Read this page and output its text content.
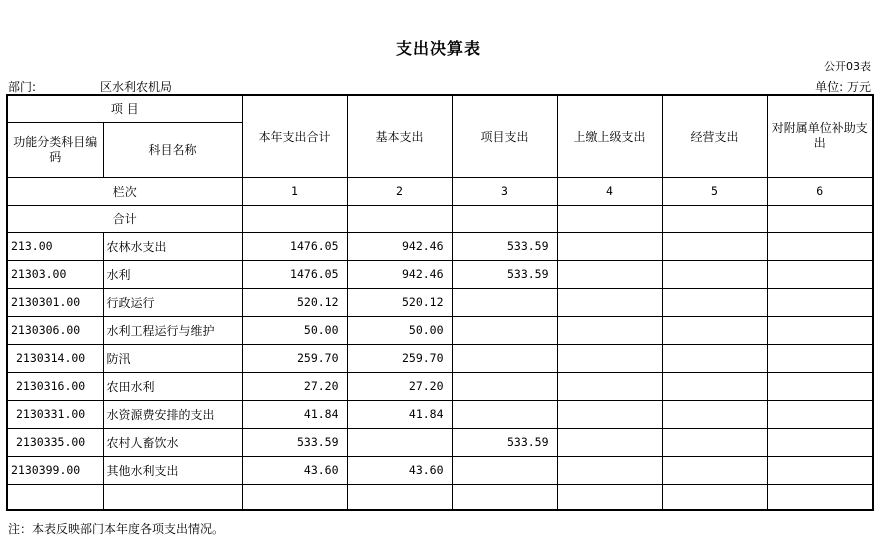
支出决算表
公开03表
部门:	区水利农机局	单位: 万元
项 目		本年支出合计	基本支出	项目支出	上缴上级支出	经营支出	对附属单位补助支出
功能分类科目编码	科目名称						
栏次		1	2	3	4	5	6
合计							
213.00	农林水支出	1476.05	942.46	533.59			
21303.00	水利	1476.05	942.46	533.59			
2130301.00	行政运行	520.12	520.12				
2130306.00	水利工程运行与维护	50.00	50.00				
2130314.00	防汛	259.70	259.70				
2130316.00	农田水利	27.20	27.20				
2130331.00	水资源费安排的支出	41.84	41.84				
2130335.00	农村人畜饮水	533.59		533.59			
2130399.00	其他水利支出	43.60	43.60				

注：本表反映部门本年度各项支出情况。
